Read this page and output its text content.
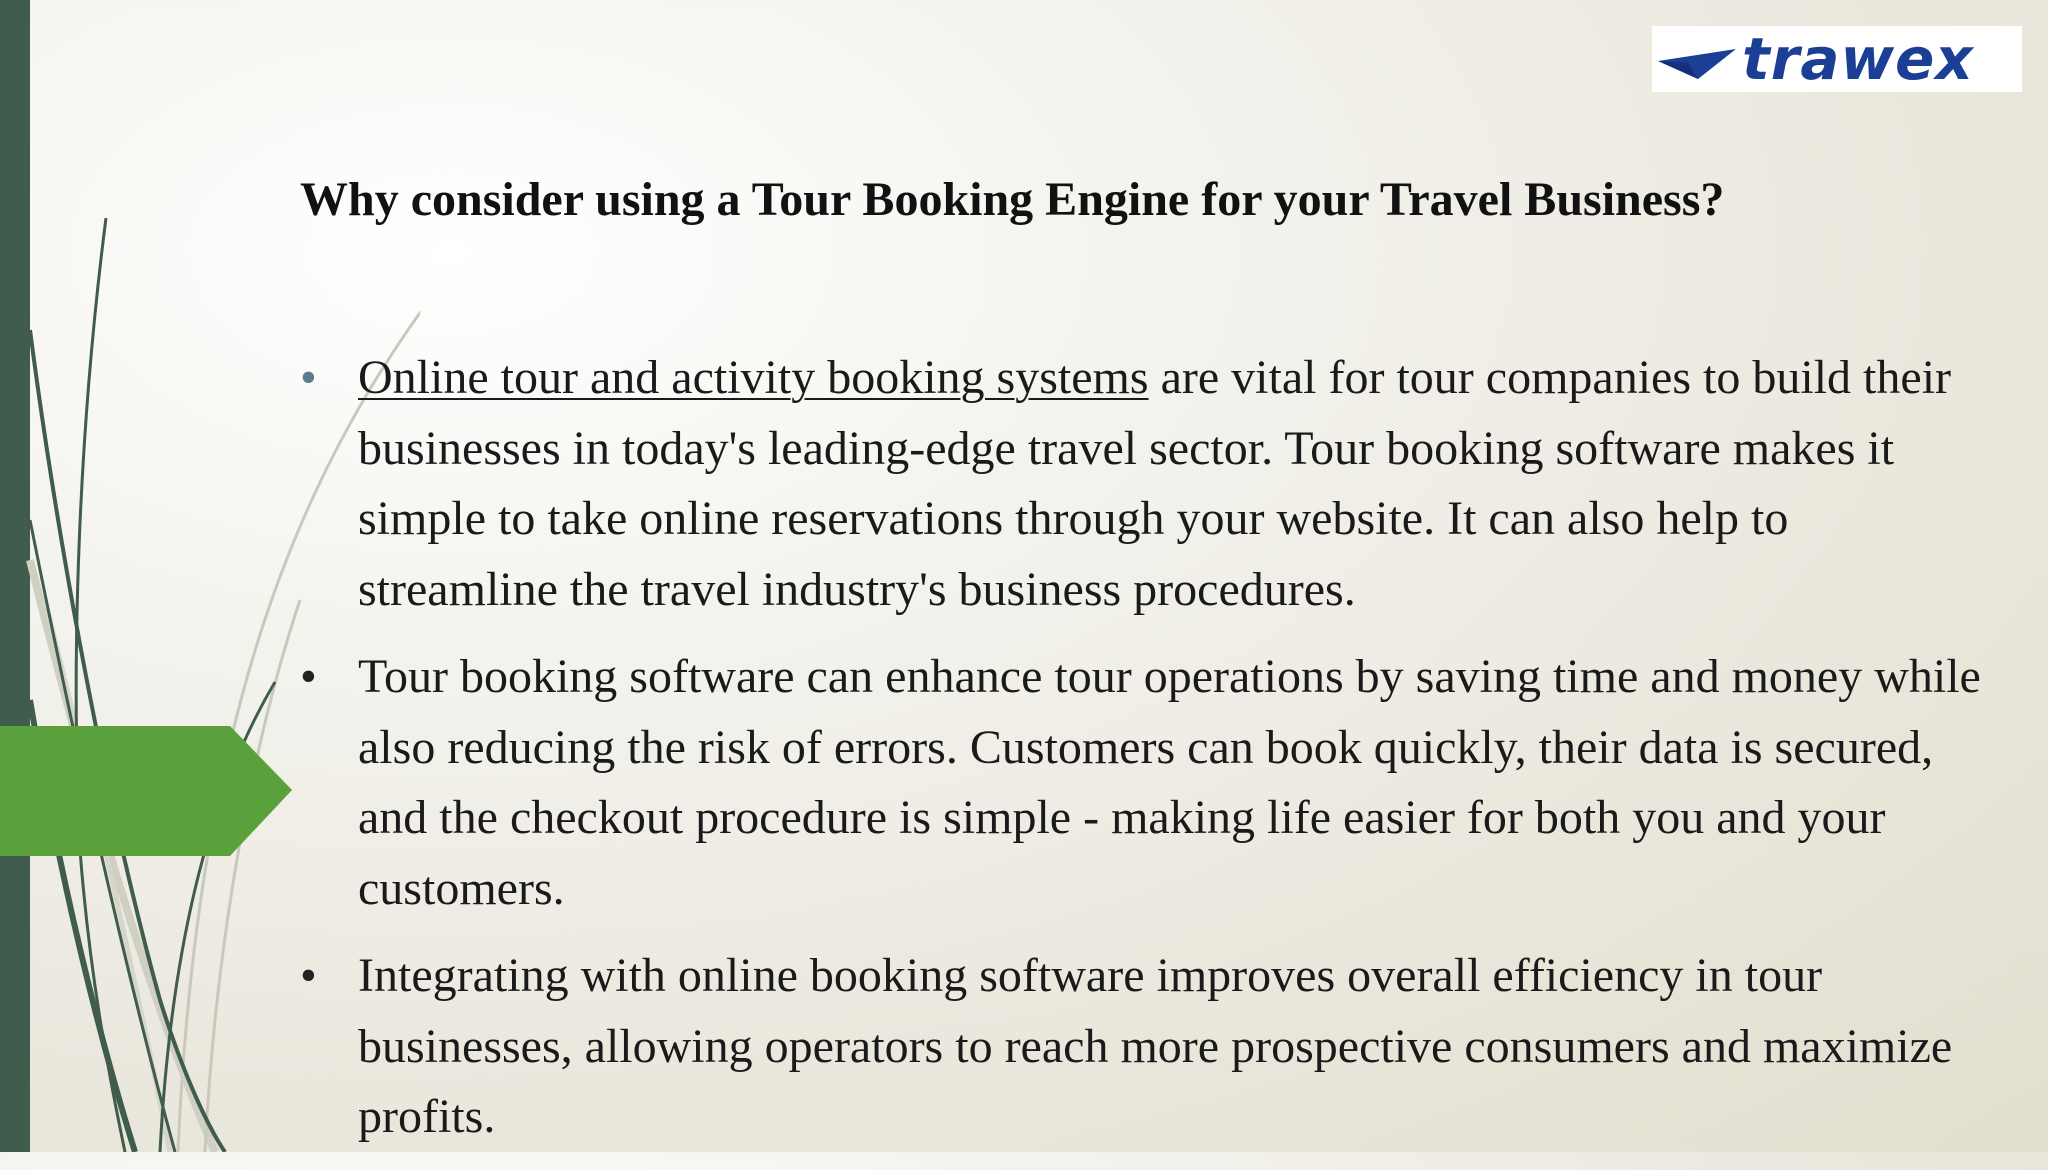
trawex
Why consider using a Tour Booking Engine for your Travel Business?
• Online tour and activity booking systems are vital for tour companies to build their businesses in today's leading-edge travel sector. Tour booking software makes it simple to take online reservations through your website. It can also help to streamline the travel industry's business procedures.
• Tour booking software can enhance tour operations by saving time and money while also reducing the risk of errors. Customers can book quickly, their data is secured, and the checkout procedure is simple - making life easier for both you and your customers.
• Integrating with online booking software improves overall efficiency in tour businesses, allowing operators to reach more prospective consumers and maximize profits.
